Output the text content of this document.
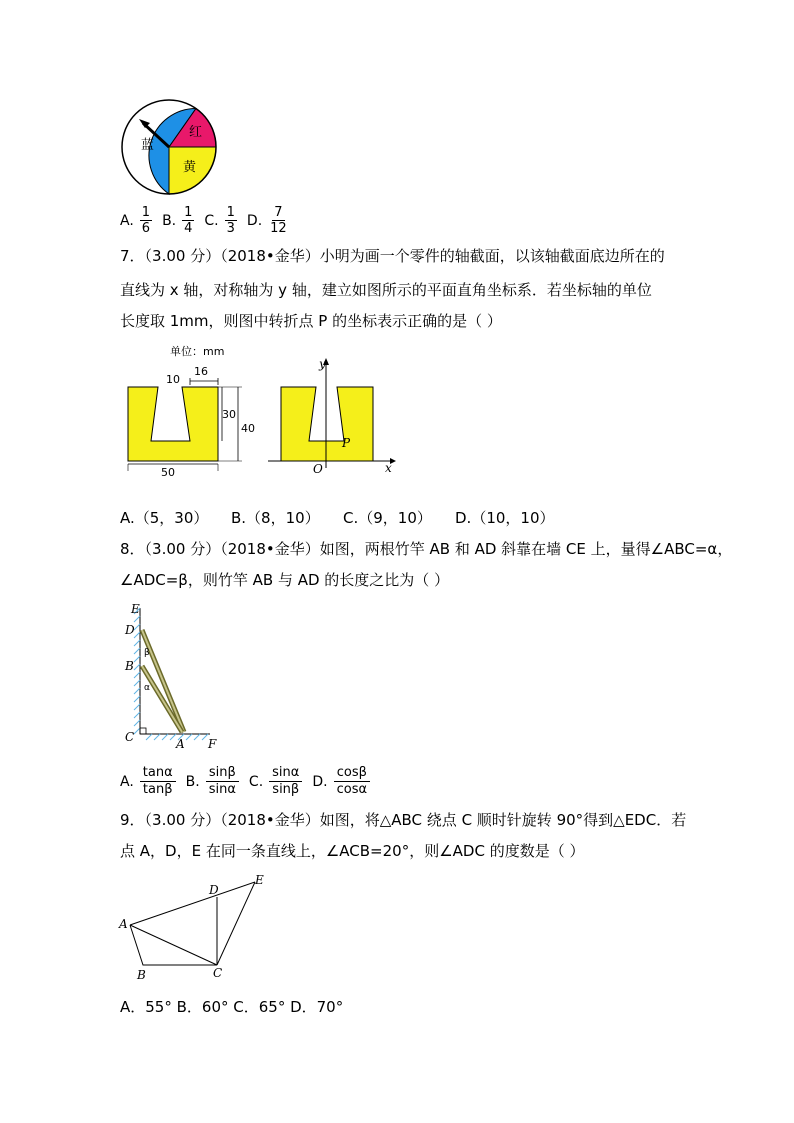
蓝
红
黄
A. $\frac{1}{6} B$. $\frac{1}{4} C$. $\frac{1}{3} D$. $\frac{7}{12}$
7．（3.00 分）（2018•金华）小明为画一个零件的轴截面，以该轴截面底边所在的
直线为 x 轴，对称轴为 y 轴，建立如图所示的平面直角坐标系．若坐标轴的单位
长度取 1mm，则图中转折点 P 的坐标表示正确的是（ ）
单位：mm
10
16
30
40
50
y
x
O
P
A.（5，30） B.（8，10） C.（9，10） D.（10，10）
8．（3.00 分）（2018•金华）如图，两根竹竿 AB 和 AD 斜靠在墙 CE 上，量得∠ABC=α，
∠ADC=β，则竹竿 AB 与 AD 的长度之比为（ ）
E
D
B
C	A F
β
α
A. $\frac{\tan\alpha}{\tan\beta} B$. $\frac{\sin\beta}{\sin\alpha} C$. $\frac{\sin\alpha}{\sin\beta} D$. $\frac{\cos\beta}{\cos\alpha}$
9．（3.00 分）（2018•金华）如图，将△ABC 绕点 C 顺时针旋转 90°得到△EDC．若
点 A，D，E 在同一条直线上，∠ACB=20°，则∠ADC 的度数是（ ）
A
B	C
D
E
A．55° B．60° C．65° D．70°
